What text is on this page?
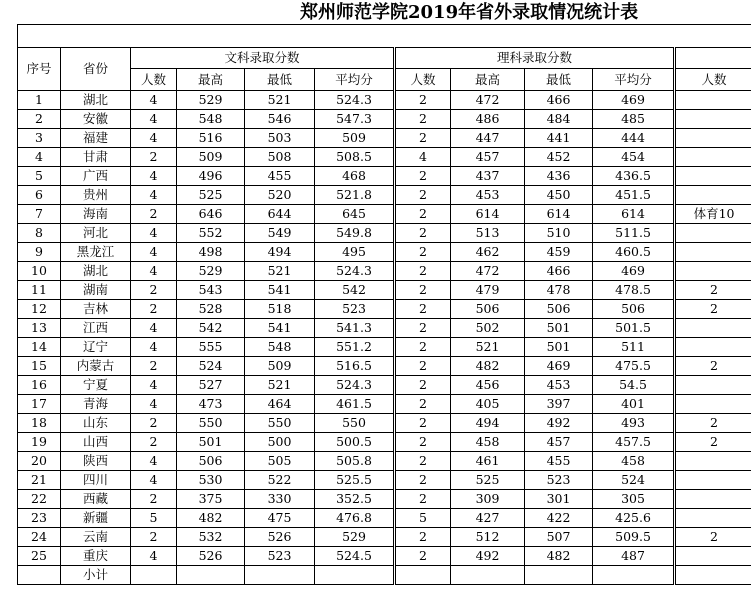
郑州师范学院2019年省外录取情况统计表
序号	省份	文科录取分数				理科录取分数				
		人数	最高	最低	平均分	人数	最高	最低	平均分	人数
1	湖北	4	529	521	524.3	2	472	466	469	
2	安徽	4	548	546	547.3	2	486	484	485	
3	福建	4	516	503	509	2	447	441	444	
4	甘肃	2	509	508	508.5	4	457	452	454	
5	广西	4	496	455	468	2	437	436	436.5	
6	贵州	4	525	520	521.8	2	453	450	451.5	
7	海南	2	646	644	645	2	614	614	614	体育10
8	河北	4	552	549	549.8	2	513	510	511.5	
9	黑龙江	4	498	494	495	2	462	459	460.5	
10	湖北	4	529	521	524.3	2	472	466	469	
11	湖南	2	543	541	542	2	479	478	478.5	2
12	吉林	2	528	518	523	2	506	506	506	2
13	江西	4	542	541	541.3	2	502	501	501.5	
14	辽宁	4	555	548	551.2	2	521	501	511	
15	内蒙古	2	524	509	516.5	2	482	469	475.5	2
16	宁夏	4	527	521	524.3	2	456	453	54.5	
17	青海	4	473	464	461.5	2	405	397	401	
18	山东	2	550	550	550	2	494	492	493	2
19	山西	2	501	500	500.5	2	458	457	457.5	2
20	陕西	4	506	505	505.8	2	461	455	458	
21	四川	4	530	522	525.5	2	525	523	524	
22	西藏	2	375	330	352.5	2	309	301	305	
23	新疆	5	482	475	476.8	5	427	422	425.6	
24	云南	2	532	526	529	2	512	507	509.5	2
25	重庆	4	526	523	524.5	2	492	482	487	
	小计									
